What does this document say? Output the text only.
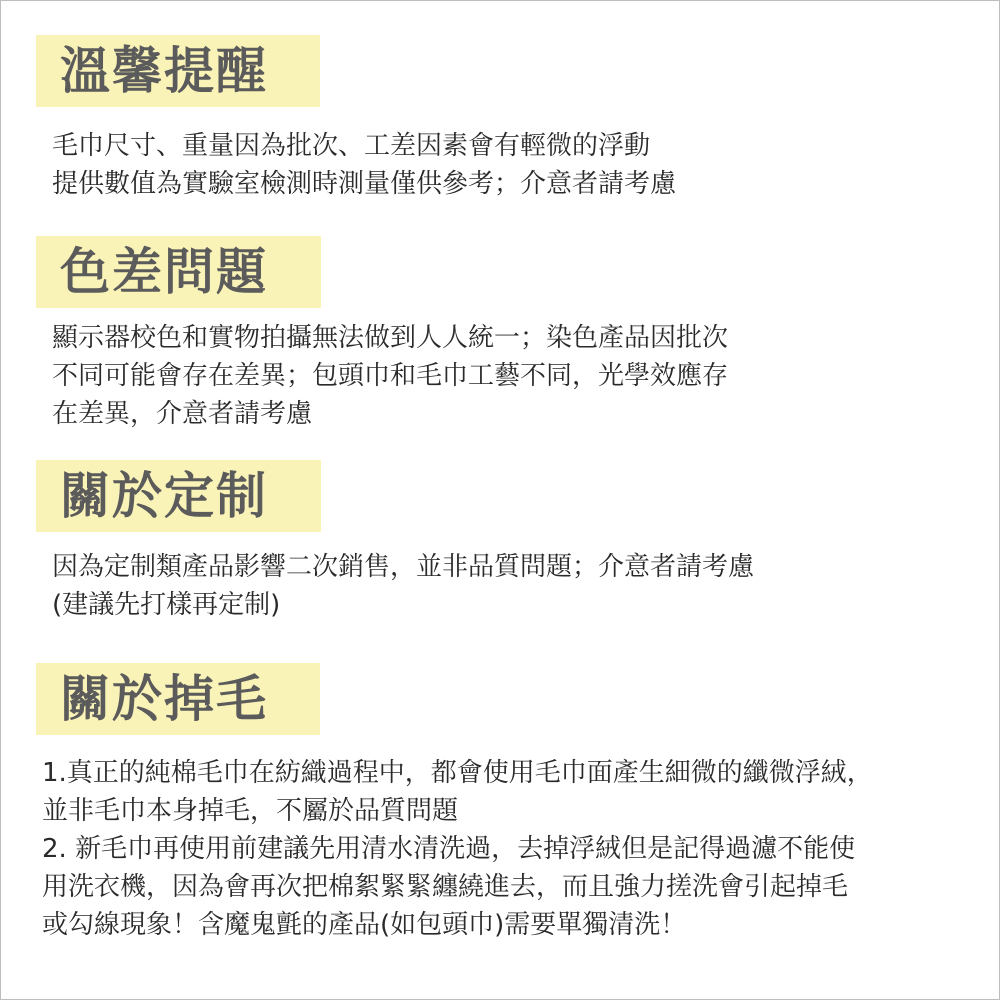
溫馨提醒
毛巾尺寸、重量因為批次、工差因素會有輕微的浮動
提供數值為實驗室檢測時測量僅供參考；介意者請考慮
色差問題
顯示器校色和實物拍攝無法做到人人統一；染色產品因批次
不同可能會存在差異；包頭巾和毛巾工藝不同，光學效應存
在差異，介意者請考慮
關於定制
因為定制類產品影響二次銷售，並非品質問題；介意者請考慮
(建議先打樣再定制)
關於掉毛
1.真正的純棉毛巾在紡織過程中，都會使用毛巾面產生細微的纖微浮絨，
並非毛巾本身掉毛，不屬於品質問題
2. 新毛巾再使用前建議先用清水清洗過，去掉浮絨但是記得過濾不能使
用洗衣機，因為會再次把棉絮緊緊纏繞進去，而且強力搓洗會引起掉毛
或勾線現象！含魔鬼氈的產品(如包頭巾)需要單獨清洗！
